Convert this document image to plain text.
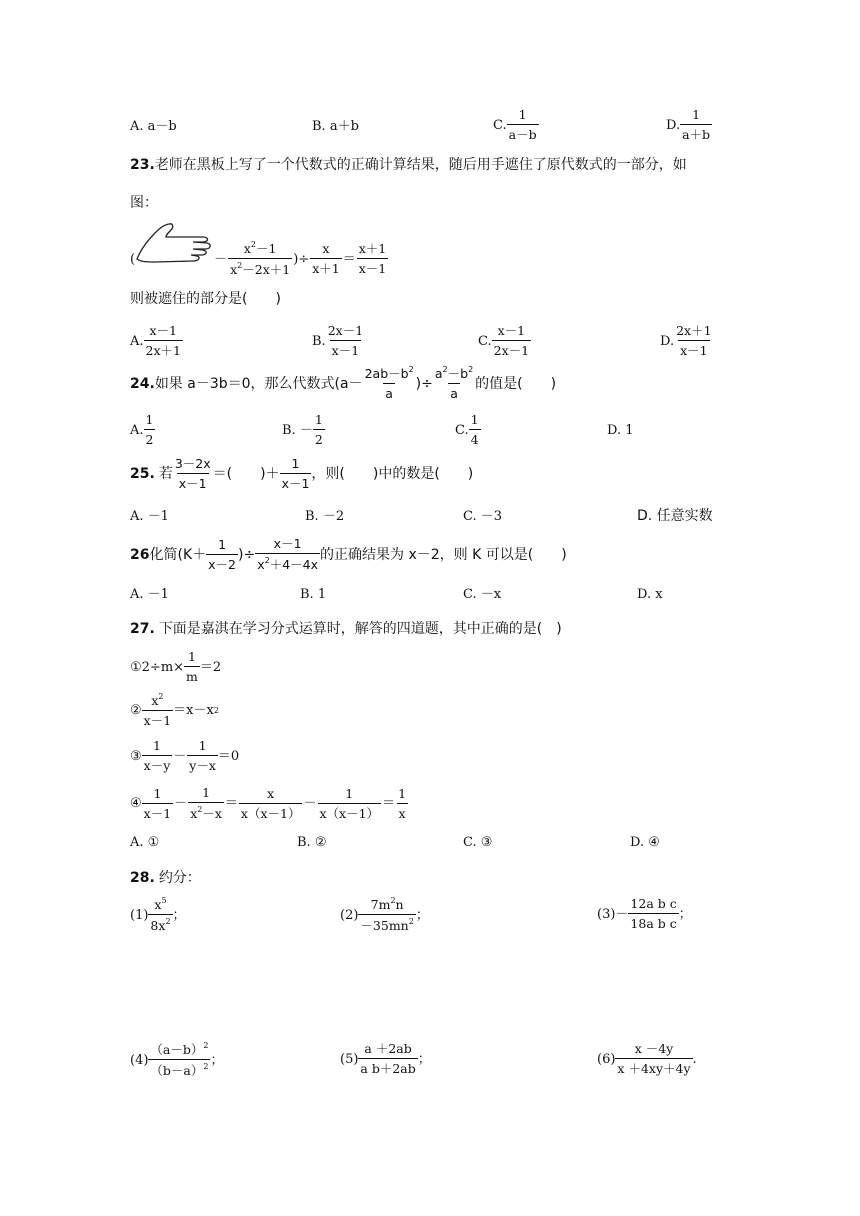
A. a－b	B. a＋b	C. $\frac{1}{a-b}$	D. $\frac{1}{a+b}$
23.老师在黑板上写了一个代数式的正确计算结果，随后用手遮住了原代数式的一部分，如
图：
(	－ $\frac{x^2-1}{x^2-2x+1}$ )÷ $\frac{x}{x+1} = \frac{x+1}{x-1}$
则被遮住的部分是(　　)
A. $\frac{x-1}{2x+1}$	B. $\frac{2x-1}{x-1}$	C. $\frac{x-1}{2x-1}$	D. $\frac{2x+1}{x-1}$
24. 如果 a－3b＝0，那么代数式($a- \frac{2ab-b^2}{a}$ )÷ $\frac{a^2-b^2}{a}$ 的值是(　　)
A. $\frac{1}{2}$	B. － $\frac{1}{2}$	C. $\frac{1}{4}$	D. 1
25. 若 $\frac{3-2x}{x-1}$ ＝(　　)＋ $\frac{1}{x-1}$ ，则(　　)中的数是(　　)
A. －1	B. －2	C. －3	D. 任意实数
26 化简($K+ \frac{1}{x-2}$ )÷ $\frac{x-1}{x^2+4-4x}$ 的正确结果为 x－2，则 K 可以是(　　)
A. －1	B. 1	C. －x	D. x
27. 下面是嘉淇在学习分式运算时，解答的四道题，其中正确的是(　)
①2÷m× $\frac{1}{m} =2$
② $\frac{x^2}{x-1} =x-x$ 2
③ $\frac{1}{x-y} - \frac{1}{y-x} =0$
④ $\frac{1}{x-1} - \frac{1}{x^2-x} = \frac{x}{x(x-1)} - \frac{1}{x(x-1)} = \frac{1}{x}$
A. ①	B. ②	C. ③	D. ④
28. 约分：
$(1) \frac{x^5}{8x^2}$ ；	$(2) \frac{7m^2n}{-35mn^2}$ ；	$(3)- \frac{\text{12a b c}}{\text{18a b c}}$ ；
$(4) \frac{(a-b)^2}{(b-a)^2}$ ；	$(5) \frac{a +2ab}{\text{a b＋2ab}}$ ；	$(6) \frac{x -4y}{x +4xy+4y}$ .
